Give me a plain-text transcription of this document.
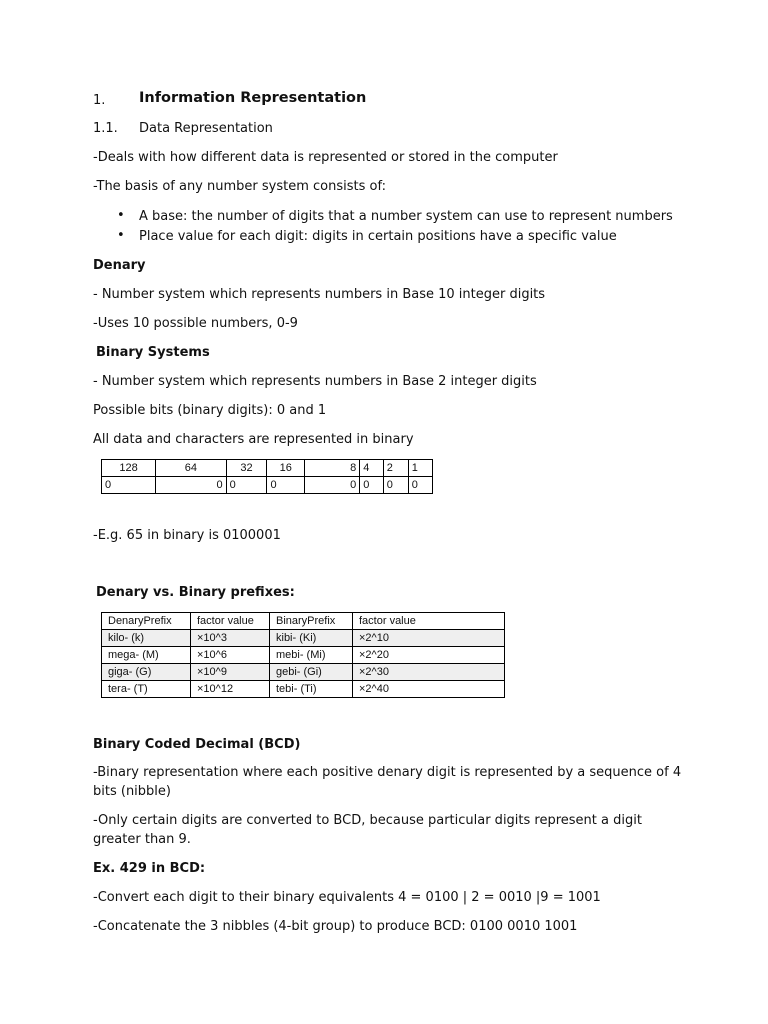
1. Information Representation
1.1. Data Representation
-Deals with how different data is represented or stored in the computer
-The basis of any number system consists of:
• A base: the number of digits that a number system can use to represent numbers
• Place value for each digit: digits in certain positions have a specific value
Denary
- Number system which represents numbers in Base 10 integer digits
-Uses 10 possible numbers, 0-9
Binary Systems
- Number system which represents numbers in Base 2 integer digits
Possible bits (binary digits): 0 and 1
All data and characters are represented in binary
128	64	32	16	8	4	2	1
0	0	0	0	0	0	0	0
-E.g. 65 in binary is 0100001
Denary vs. Binary prefixes:
DenaryPrefix	factor value	BinaryPrefix	factor value
kilo- (k)	×10^3	kibi- (Ki)	×2^10
mega- (M)	×10^6	mebi- (Mi)	×2^20
giga- (G)	×10^9	gebi- (Gi)	×2^30
tera- (T)	×10^12	tebi- (Ti)	×2^40
Binary Coded Decimal (BCD)
-Binary representation where each positive denary digit is represented by a sequence of 4 bits (nibble)
-Only certain digits are converted to BCD, because particular digits represent a digit greater than 9.
Ex. 429 in BCD:
-Convert each digit to their binary equivalents 4 = 0100 | 2 = 0010 |9 = 1001
-Concatenate the 3 nibbles (4-bit group) to produce BCD: 0100 0010 1001
